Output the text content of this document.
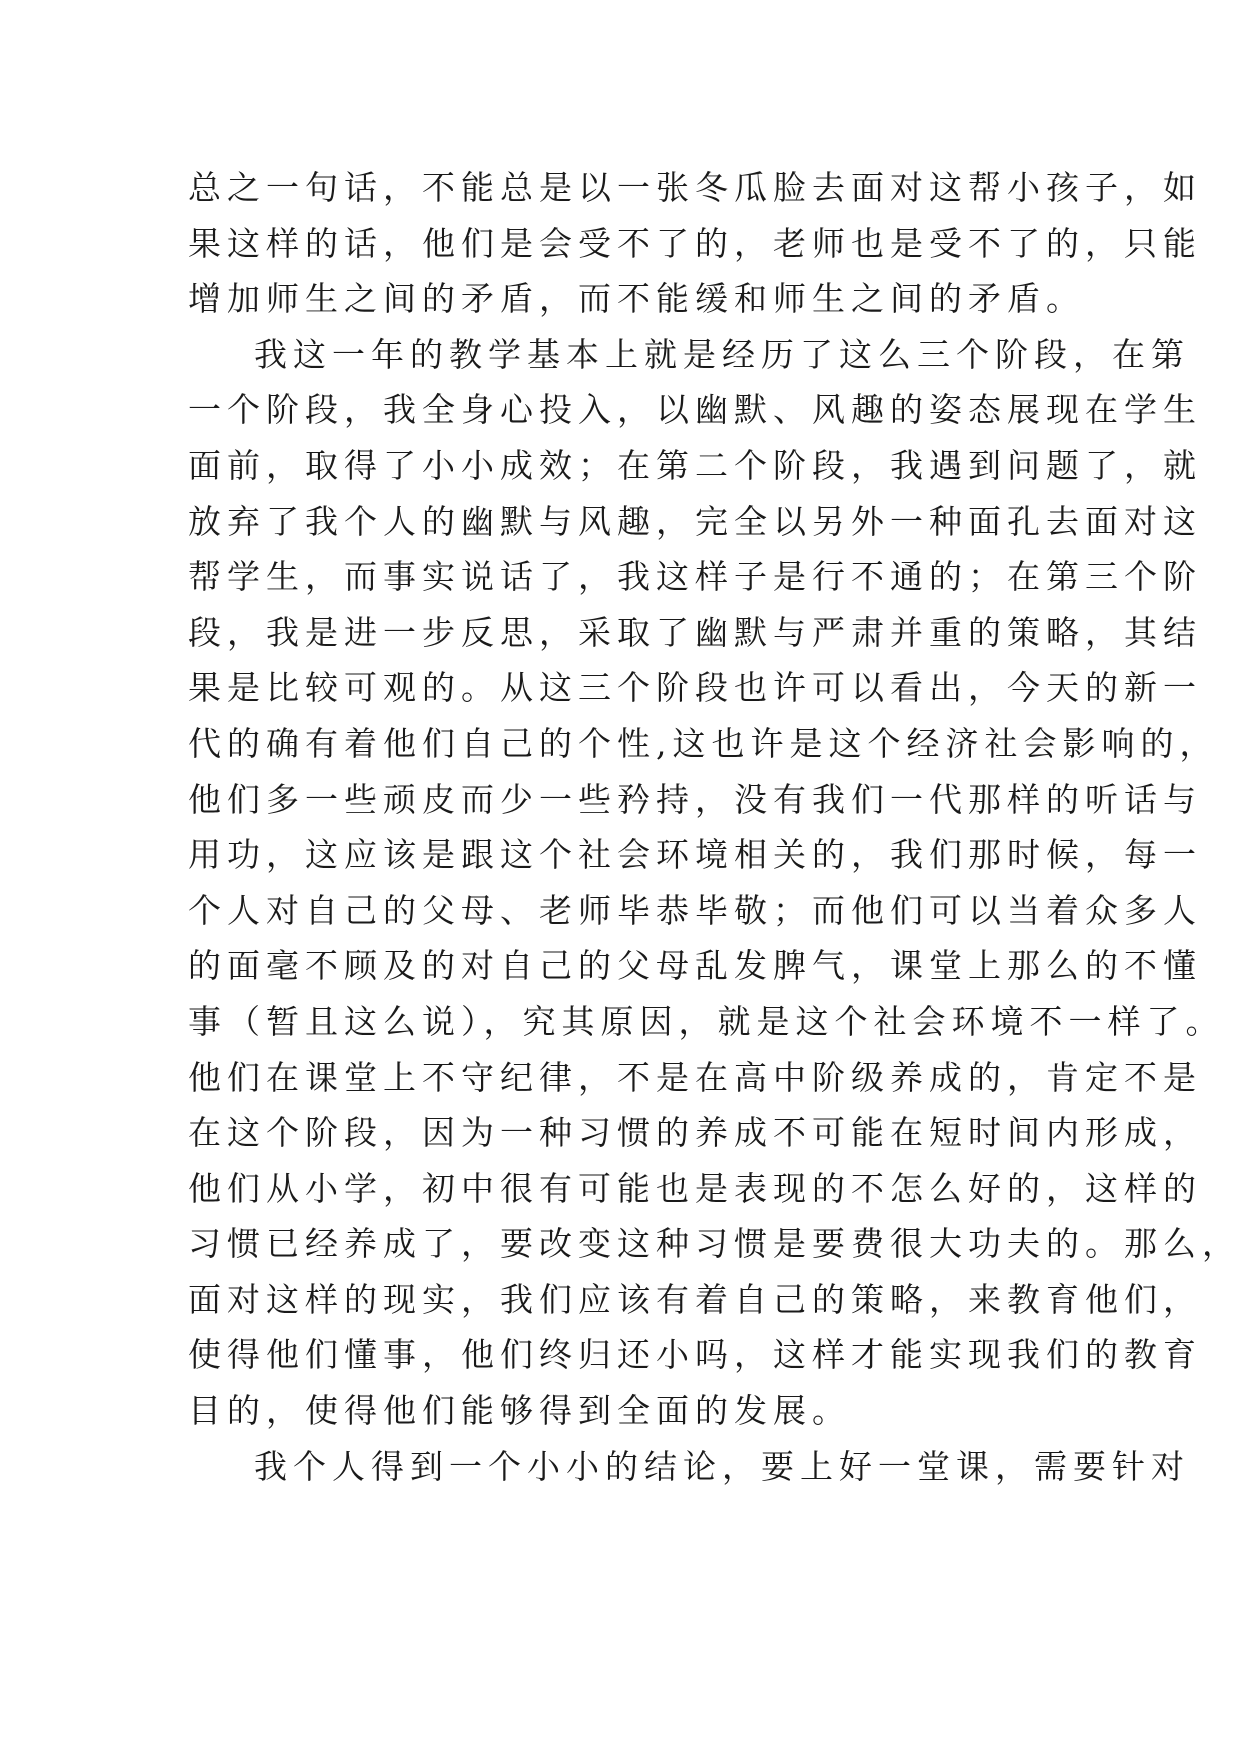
总之一句话，不能总是以一张冬瓜脸去面对这帮小孩子，如
果这样的话，他们是会受不了的，老师也是受不了的，只能
增加师生之间的矛盾，而不能缓和师生之间的矛盾。
我这一年的教学基本上就是经历了这么三个阶段，在第
一个阶段，我全身心投入，以幽默、风趣的姿态展现在学生
面前，取得了小小成效；在第二个阶段，我遇到问题了，就
放弃了我个人的幽默与风趣，完全以另外一种面孔去面对这
帮学生，而事实说话了，我这样子是行不通的；在第三个阶
段，我是进一步反思，采取了幽默与严肃并重的策略，其结
果是比较可观的。从这三个阶段也许可以看出，今天的新一
代的确有着他们自己的个性,这也许是这个经济社会影响的，
他们多一些顽皮而少一些矜持，没有我们一代那样的听话与
用功，这应该是跟这个社会环境相关的，我们那时候，每一
个人对自己的父母、老师毕恭毕敬；而他们可以当着众多人
的面毫不顾及的对自己的父母乱发脾气，课堂上那么的不懂
事（暂且这么说），究其原因，就是这个社会环境不一样了。
他们在课堂上不守纪律，不是在高中阶级养成的，肯定不是
在这个阶段，因为一种习惯的养成不可能在短时间内形成，
他们从小学，初中很有可能也是表现的不怎么好的，这样的
习惯已经养成了，要改变这种习惯是要费很大功夫的。那么，
面对这样的现实，我们应该有着自己的策略，来教育他们，
使得他们懂事，他们终归还小吗，这样才能实现我们的教育
目的，使得他们能够得到全面的发展。
我个人得到一个小小的结论，要上好一堂课，需要针对
